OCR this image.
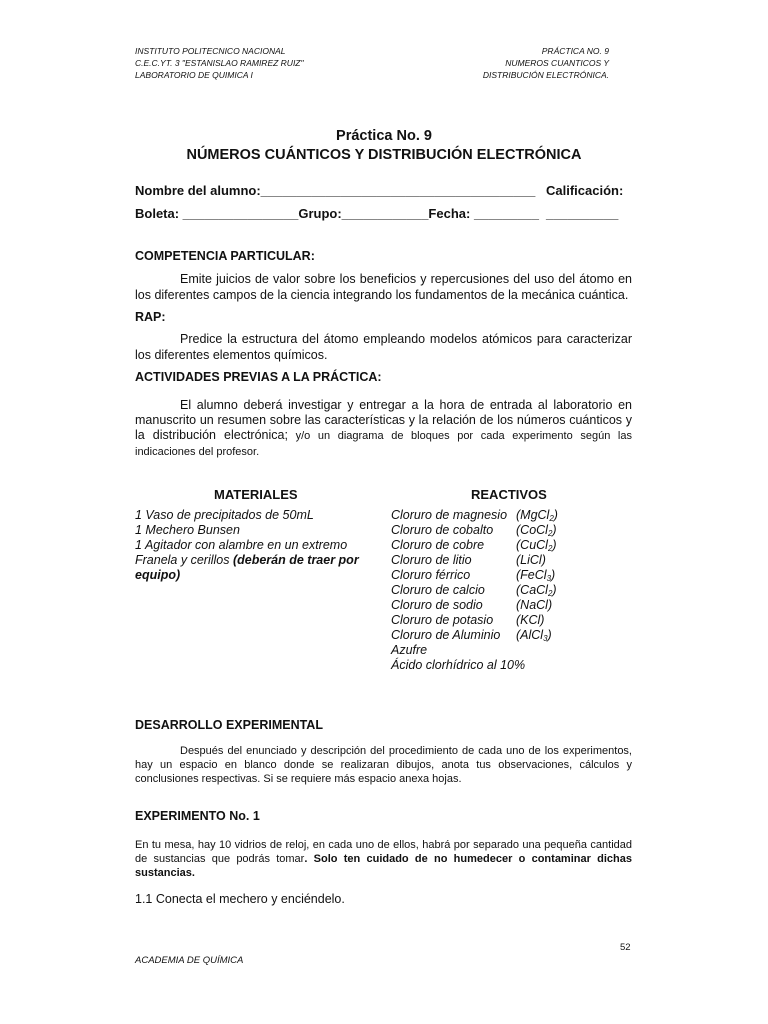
INSTITUTO POLITECNICO NACIONAL
C.E.C.YT. 3 "ESTANISLAO RAMIREZ RUIZ"
LABORATORIO DE QUIMICA I
PRÁCTICA NO. 9
NUMEROS CUANTICOS Y
DISTRIBUCIÓN ELECTRÓNICA.
Práctica No. 9
NÚMEROS CUÁNTICOS Y DISTRIBUCIÓN ELECTRÓNICA
Nombre del alumno:______________________________________ Calificación:
Boleta: ________________Grupo:____________Fecha: _________ __________
COMPETENCIA PARTICULAR:
Emite juicios de valor sobre los beneficios y repercusiones del uso del átomo en los diferentes campos de la ciencia integrando los fundamentos de la mecánica cuántica.
RAP:
Predice la estructura del átomo empleando modelos atómicos para caracterizar los diferentes elementos químicos.
ACTIVIDADES PREVIAS A LA PRÁCTICA:
El alumno deberá investigar y entregar a la hora de entrada al laboratorio en manuscrito un resumen sobre las características y la relación de los números cuánticos y la distribución electrónica; y/o un diagrama de bloques por cada experimento según las indicaciones del profesor.
MATERIALES
1 Vaso de precipitados de 50mL
1 Mechero Bunsen
1 Agitador con alambre en un extremo
Franela y cerillos (deberán de traer por equipo)
REACTIVOS
Cloruro de magnesio (MgCl$_2$)
Cloruro de cobalto (CoCl$_2$)
Cloruro de cobre	(CuCl$_2$)
Cloruro de litio	(LiCl)
Cloruro férrico	(FeCl$_3$)
Cloruro de calcio (CaCl$_2$)
Cloruro de sodio	(NaCl)
Cloruro de potasio (KCl)
Cloruro de Aluminio (AlCl$_3$)
Azufre
Ácido clorhídrico al 10%
DESARROLLO EXPERIMENTAL
Después del enunciado y descripción del procedimiento de cada uno de los experimentos, hay un espacio en blanco donde se realizaran dibujos, anota tus observaciones, cálculos y conclusiones respectivas. Si se requiere más espacio anexa hojas.
EXPERIMENTO No. 1
En tu mesa, hay 10 vidrios de reloj, en cada uno de ellos, habrá por separado una pequeña cantidad de sustancias que podrás tomar. Solo ten cuidado de no humedecer o contaminar dichas sustancias.
1.1 Conecta el mechero y enciéndelo.
52
ACADEMIA DE QUÍMICA
